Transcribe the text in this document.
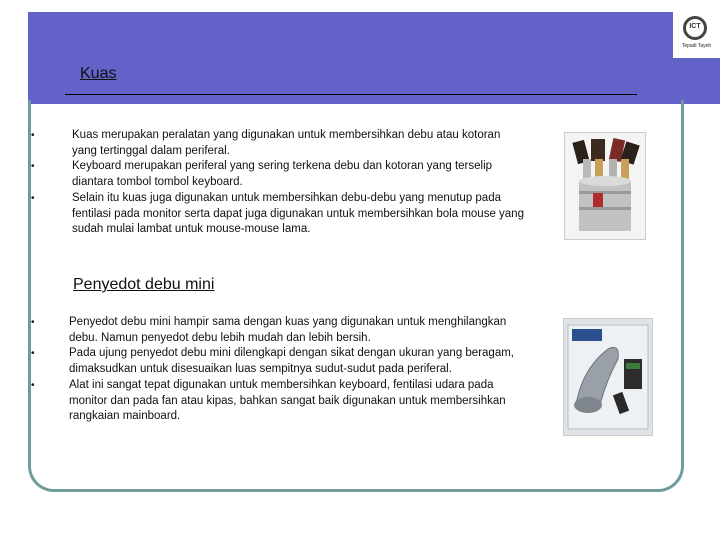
ICT
Tepadi Tayeh
Kuas
• Kuas merupakan peralatan yang digunakan untuk membersihkan debu atau kotoran yang tertinggal dalam periferal.
• Keyboard merupakan periferal yang sering terkena debu dan kotoran yang terselip diantara tombol tombol keyboard.
• Selain itu kuas juga digunakan untuk membersihkan debu-debu yang menutup pada fentilasi pada monitor serta dapat juga digunakan untuk membersihkan bola mouse yang sudah mulai lambat untuk mouse-mouse lama.
Penyedot debu mini
• Penyedot debu mini hampir sama dengan kuas yang digunakan untuk menghilangkan debu. Namun penyedot debu lebih mudah dan lebih bersih.
• Pada ujung penyedot debu mini dilengkapi dengan sikat dengan ukuran yang beragam, dimaksudkan untuk disesuaikan luas sempitnya sudut-sudut pada periferal.
• Alat ini sangat tepat digunakan untuk membersihkan keyboard, fentilasi udara pada monitor dan pada fan atau kipas, bahkan sangat baik digunakan untuk membersihkan rangkaian mainboard.
